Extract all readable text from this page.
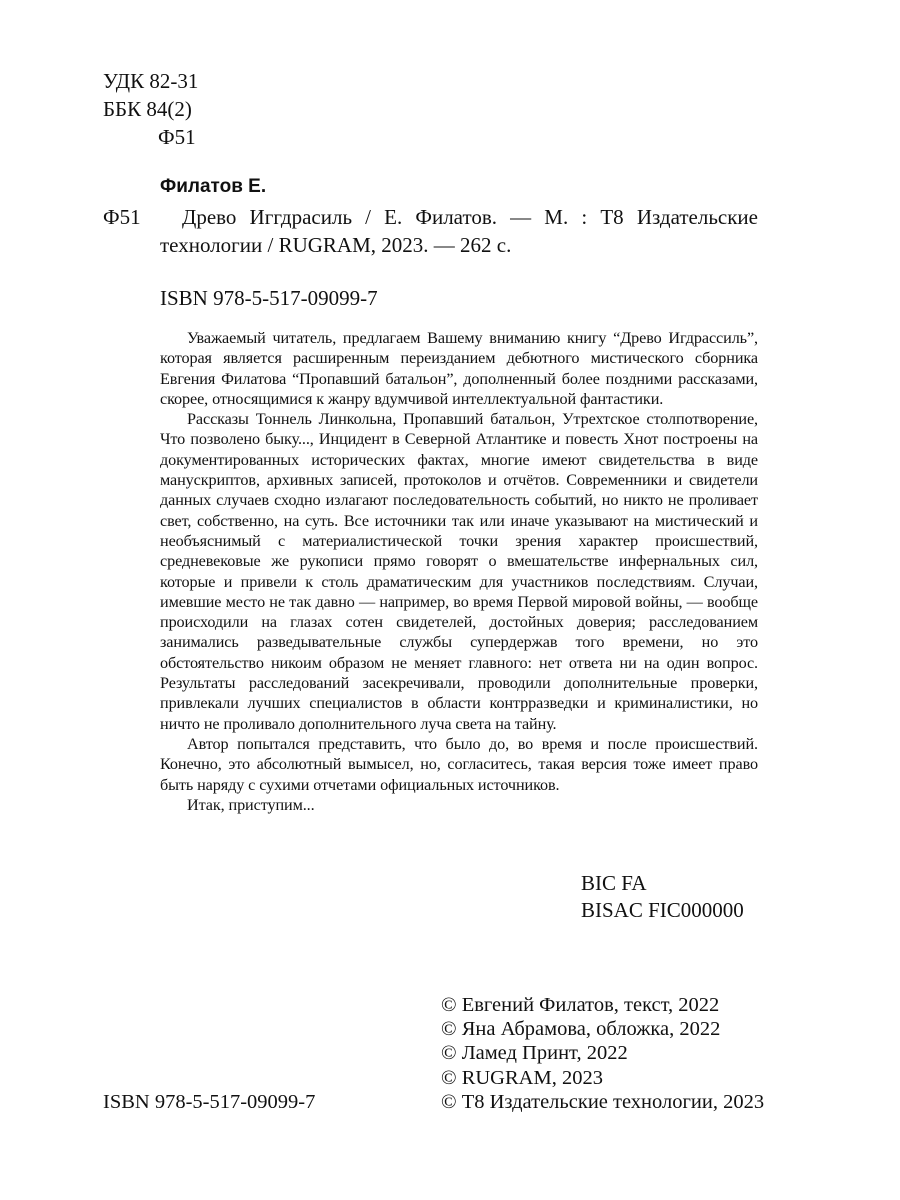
УДК 82-31
ББК 84(2)
Ф51
Филатов Е.
Ф51 Древо Иггдрасиль / Е. Филатов. — М. : Т8 Издательские
технологии / RUGRAM, 2023. — 262 с.
ISBN 978-5-517-09099-7

Уважаемый читатель, предлагаем Вашему вниманию книгу “Древо Игдрассиль”, которая является расширенным переизданием дебютного мистического сборника Евгения Филатова “Пропавший батальон”, дополненный более поздними рассказами, скорее, относящимися к жанру вдумчивой интеллектуальной фантастики.

Рассказы Тоннель Линкольна, Пропавший батальон, Утрехтское столпотворение, Что позволено быку..., Инцидент в Северной Атлантике и повесть Хнот построены на документированных исторических фактах, многие имеют свидетельства в виде манускриптов, архивных записей, протоколов и отчётов. Современники и свидетели данных случаев сходно излагают последовательность событий, но никто не проливает свет, собственно, на суть. Все источники так или иначе указывают на мистический и необъяснимый с материалистической точки зрения характер происшествий, средневековые же рукописи прямо говорят о вмешательстве инфернальных сил, которые и привели к столь драматическим для участников последствиям. Случаи, имевшие место не так давно — например, во время Первой мировой войны, — вообще происходили на глазах сотен свидетелей, достойных доверия; расследованием занимались разведывательные службы супердержав того времени, но это обстоятельство никоим образом не меняет главного: нет ответа ни на один вопрос. Результаты расследований засекречивали, проводили дополнительные проверки, привлекали лучших специалистов в области контрразведки и криминалистики, но ничто не проливало дополнительного луча света на тайну.

Автор попытался представить, что было до, во время и после происшествий. Конечно, это абсолютный вымысел, но, согласитесь, такая версия тоже имеет право быть наряду с сухими отчетами официальных источников.

Итак, приступим...

BIC FA
BISAC FIC000000
© Евгений Филатов, текст, 2022
© Яна Абрамова, обложка, 2022
© Ламед Принт, 2022
© RUGRAM, 2023
© Т8 Издательские технологии, 2023
ISBN 978-5-517-09099-7
